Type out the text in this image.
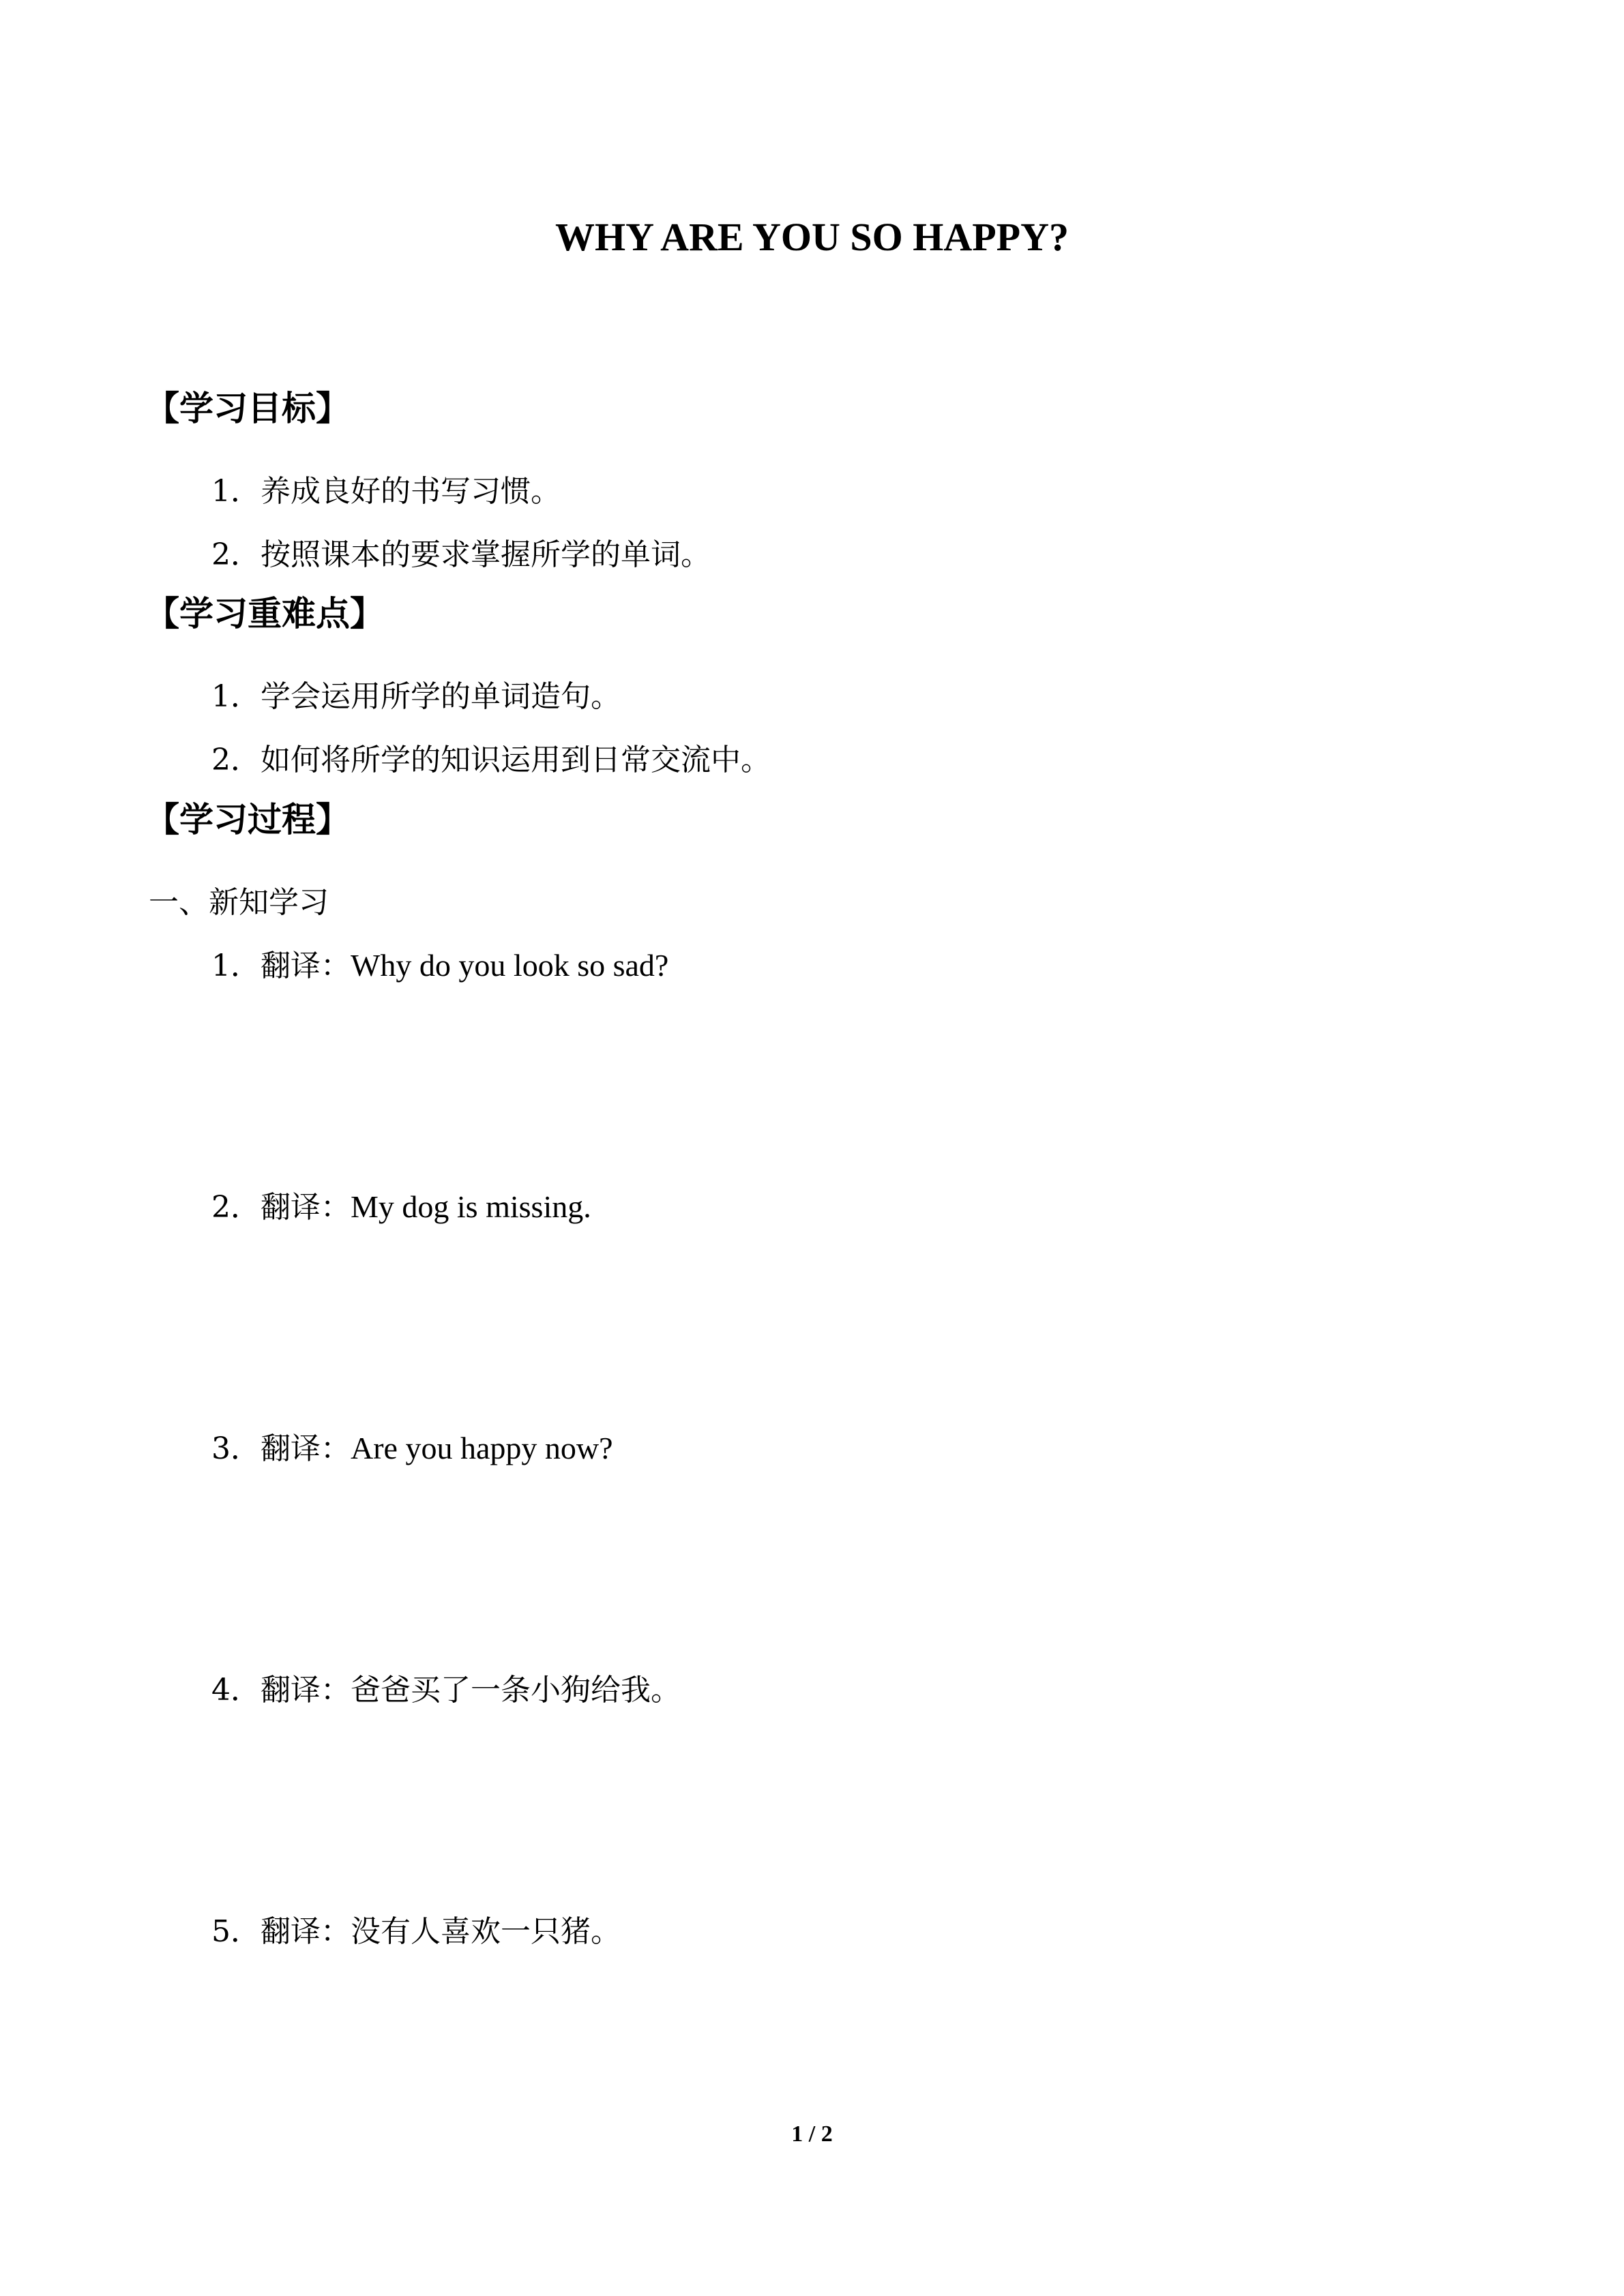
WHY ARE YOU SO HAPPY?
【学习目标】
1．养成良好的书写习惯。
2．按照课本的要求掌握所学的单词。
【学习重难点】
1．学会运用所学的单词造句。
2．如何将所学的知识运用到日常交流中。
【学习过程】
一、新知学习
1．翻译：Why do you look so sad?
2．翻译：My dog is missing.
3．翻译：Are you happy now?
4．翻译：爸爸买了一条小狗给我。
5．翻译：没有人喜欢一只猪。
1 / 2
